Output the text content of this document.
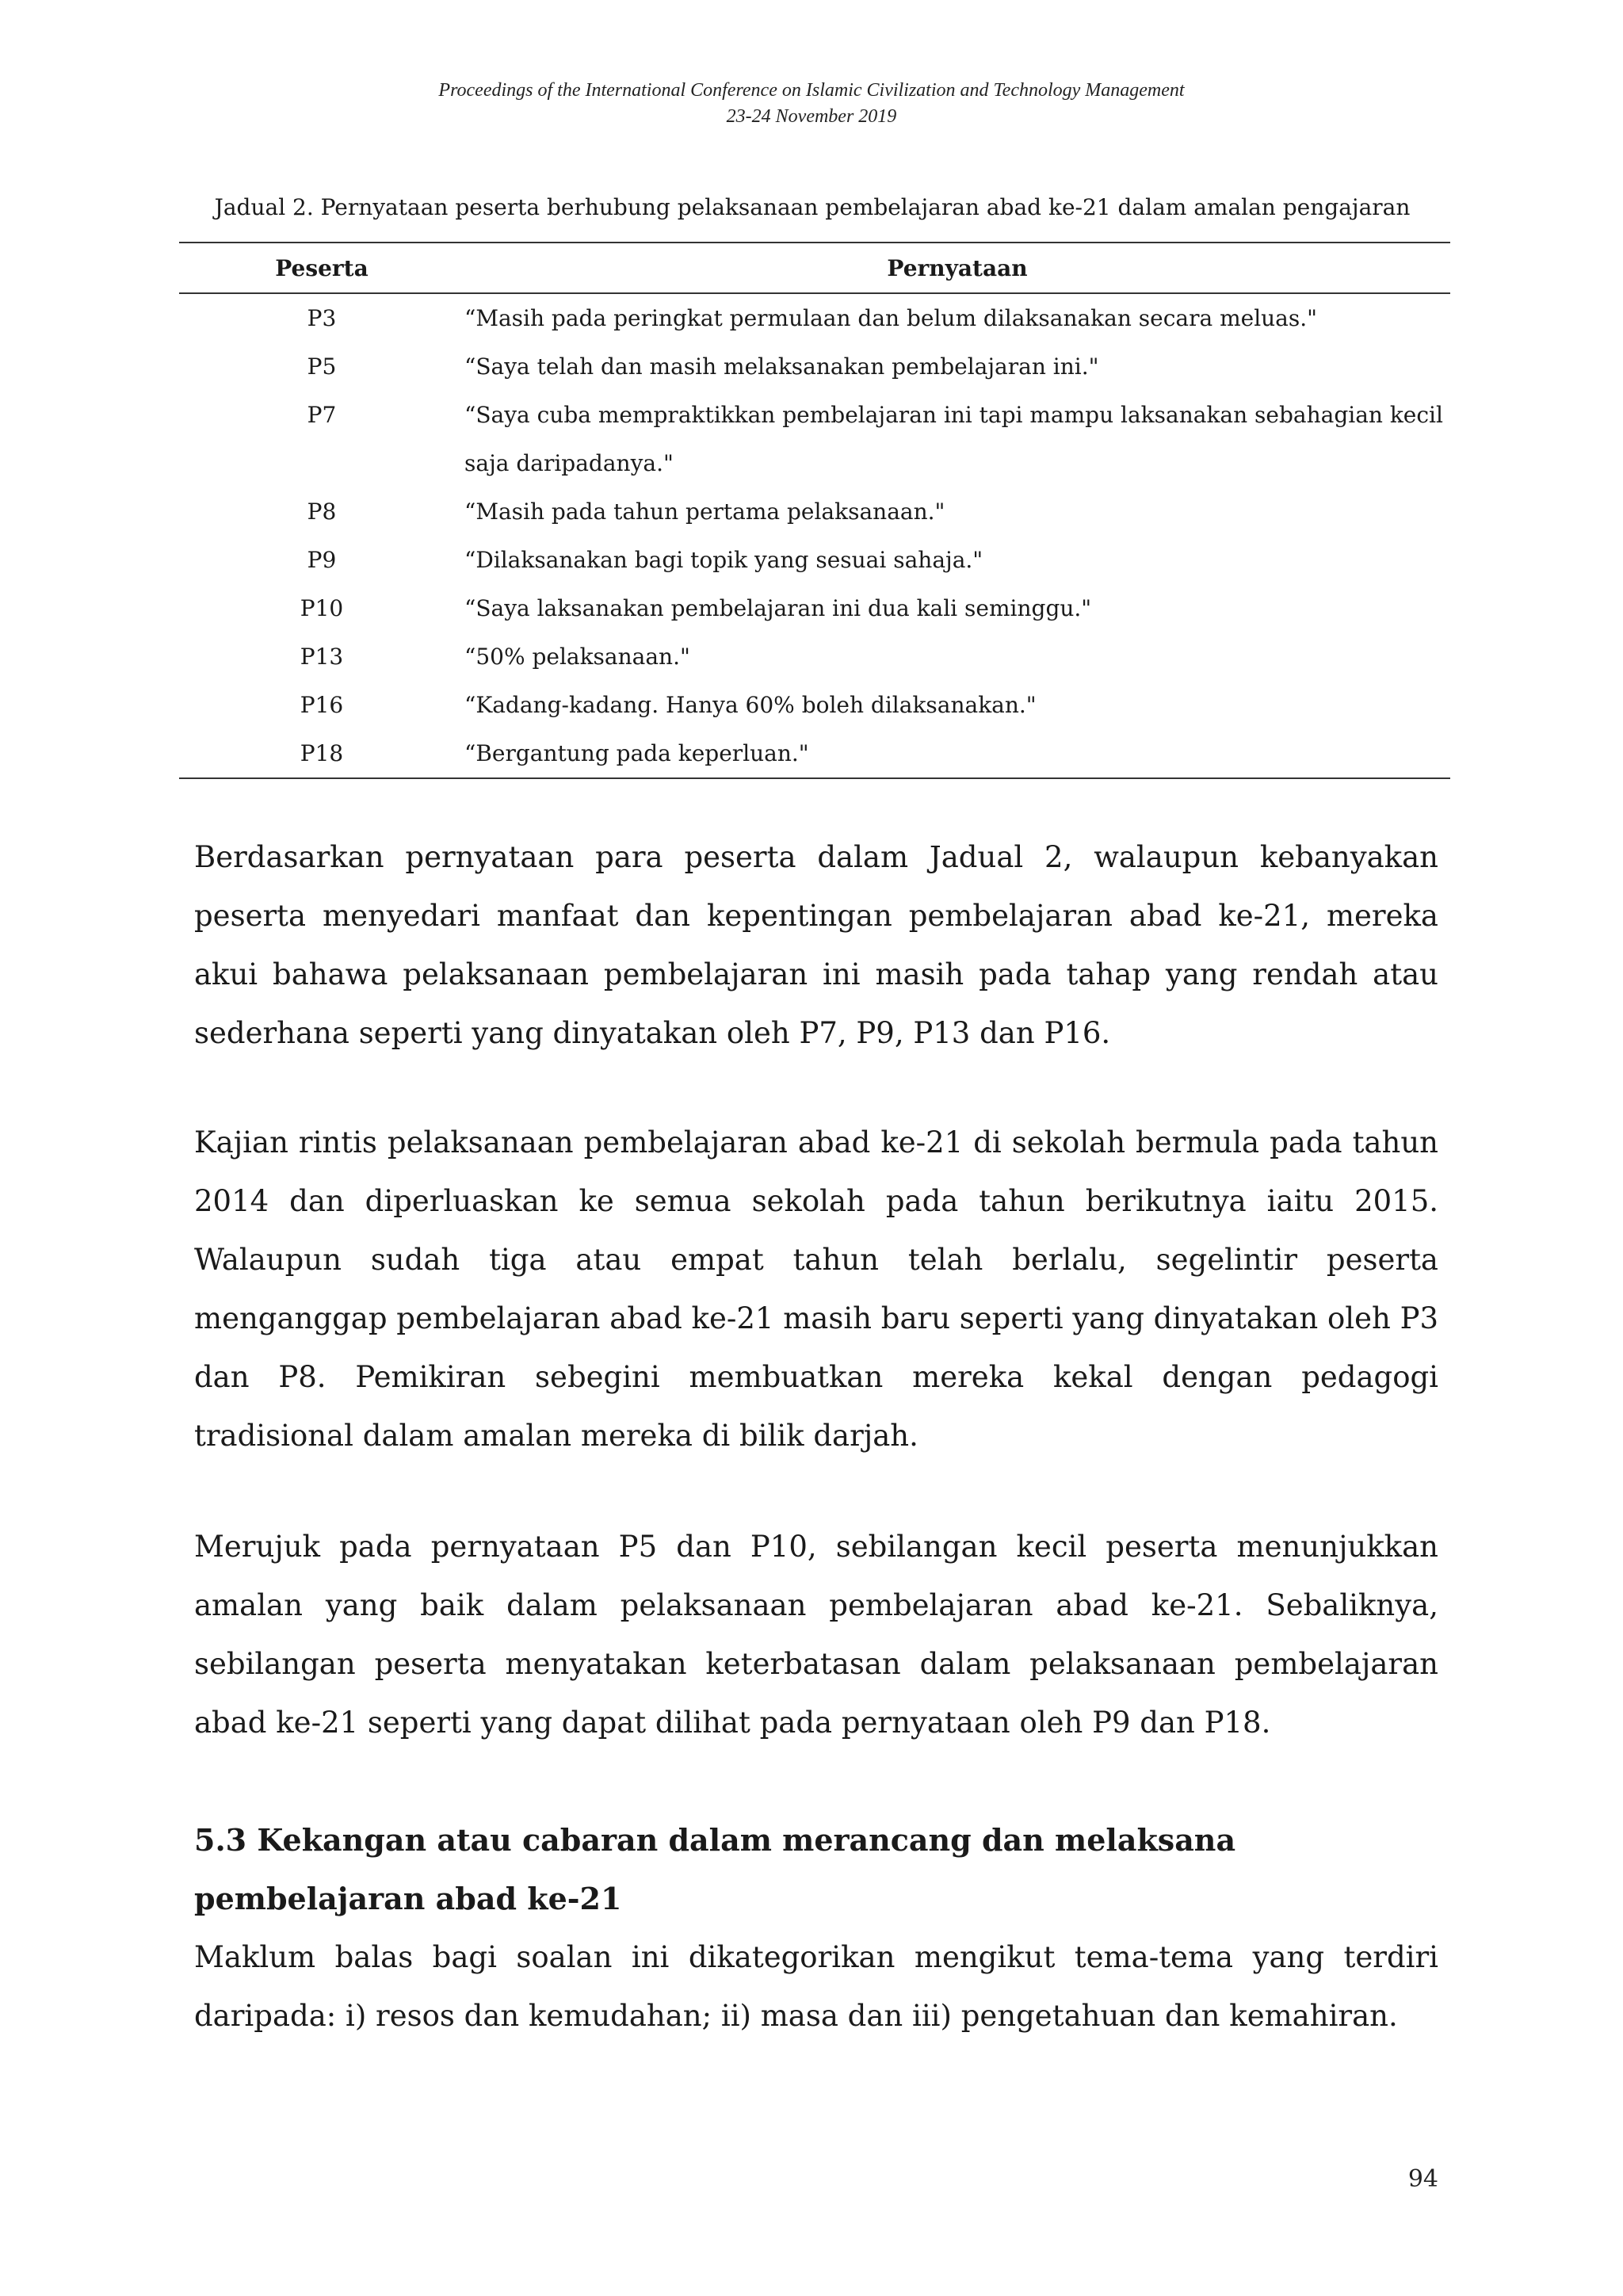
Proceedings of the International Conference on Islamic Civilization and Technology Management
23-24 November 2019
Jadual 2. Pernyataan peserta berhubung pelaksanaan pembelajaran abad ke-21 dalam amalan pengajaran
Peserta	Pernyataan
P3	“Masih pada peringkat permulaan dan belum dilaksanakan secara meluas."
P5	“Saya telah dan masih melaksanakan pembelajaran ini."
P7	“Saya cuba mempraktikkan pembelajaran ini tapi mampu laksanakan sebahagian kecil saja daripadanya."
P8	“Masih pada tahun pertama pelaksanaan."
P9	“Dilaksanakan bagi topik yang sesuai sahaja."
P10	“Saya laksanakan pembelajaran ini dua kali seminggu."
P13	“50% pelaksanaan."
P16	“Kadang-kadang. Hanya 60% boleh dilaksanakan."
P18	“Bergantung pada keperluan."

Berdasarkan pernyataan para peserta dalam Jadual 2, walaupun kebanyakan peserta menyedari manfaat dan kepentingan pembelajaran abad ke-21, mereka akui bahawa pelaksanaan pembelajaran ini masih pada tahap yang rendah atau sederhana seperti yang dinyatakan oleh P7, P9, P13 dan P16.

Kajian rintis pelaksanaan pembelajaran abad ke-21 di sekolah bermula pada tahun 2014 dan diperluaskan ke semua sekolah pada tahun berikutnya iaitu 2015. Walaupun sudah tiga atau empat tahun telah berlalu, segelintir peserta menganggap pembelajaran abad ke-21 masih baru seperti yang dinyatakan oleh P3 dan P8. Pemikiran sebegini membuatkan mereka kekal dengan pedagogi tradisional dalam amalan mereka di bilik darjah.

Merujuk pada pernyataan P5 dan P10, sebilangan kecil peserta menunjukkan amalan yang baik dalam pelaksanaan pembelajaran abad ke-21. Sebaliknya, sebilangan peserta menyatakan keterbatasan dalam pelaksanaan pembelajaran abad ke-21 seperti yang dapat dilihat pada pernyataan oleh P9 dan P18.

5.3 Kekangan atau cabaran dalam merancang dan melaksana pembelajaran abad ke-21

Maklum balas bagi soalan ini dikategorikan mengikut tema-tema yang terdiri daripada: i) resos dan kemudahan; ii) masa dan iii) pengetahuan dan kemahiran.

94
